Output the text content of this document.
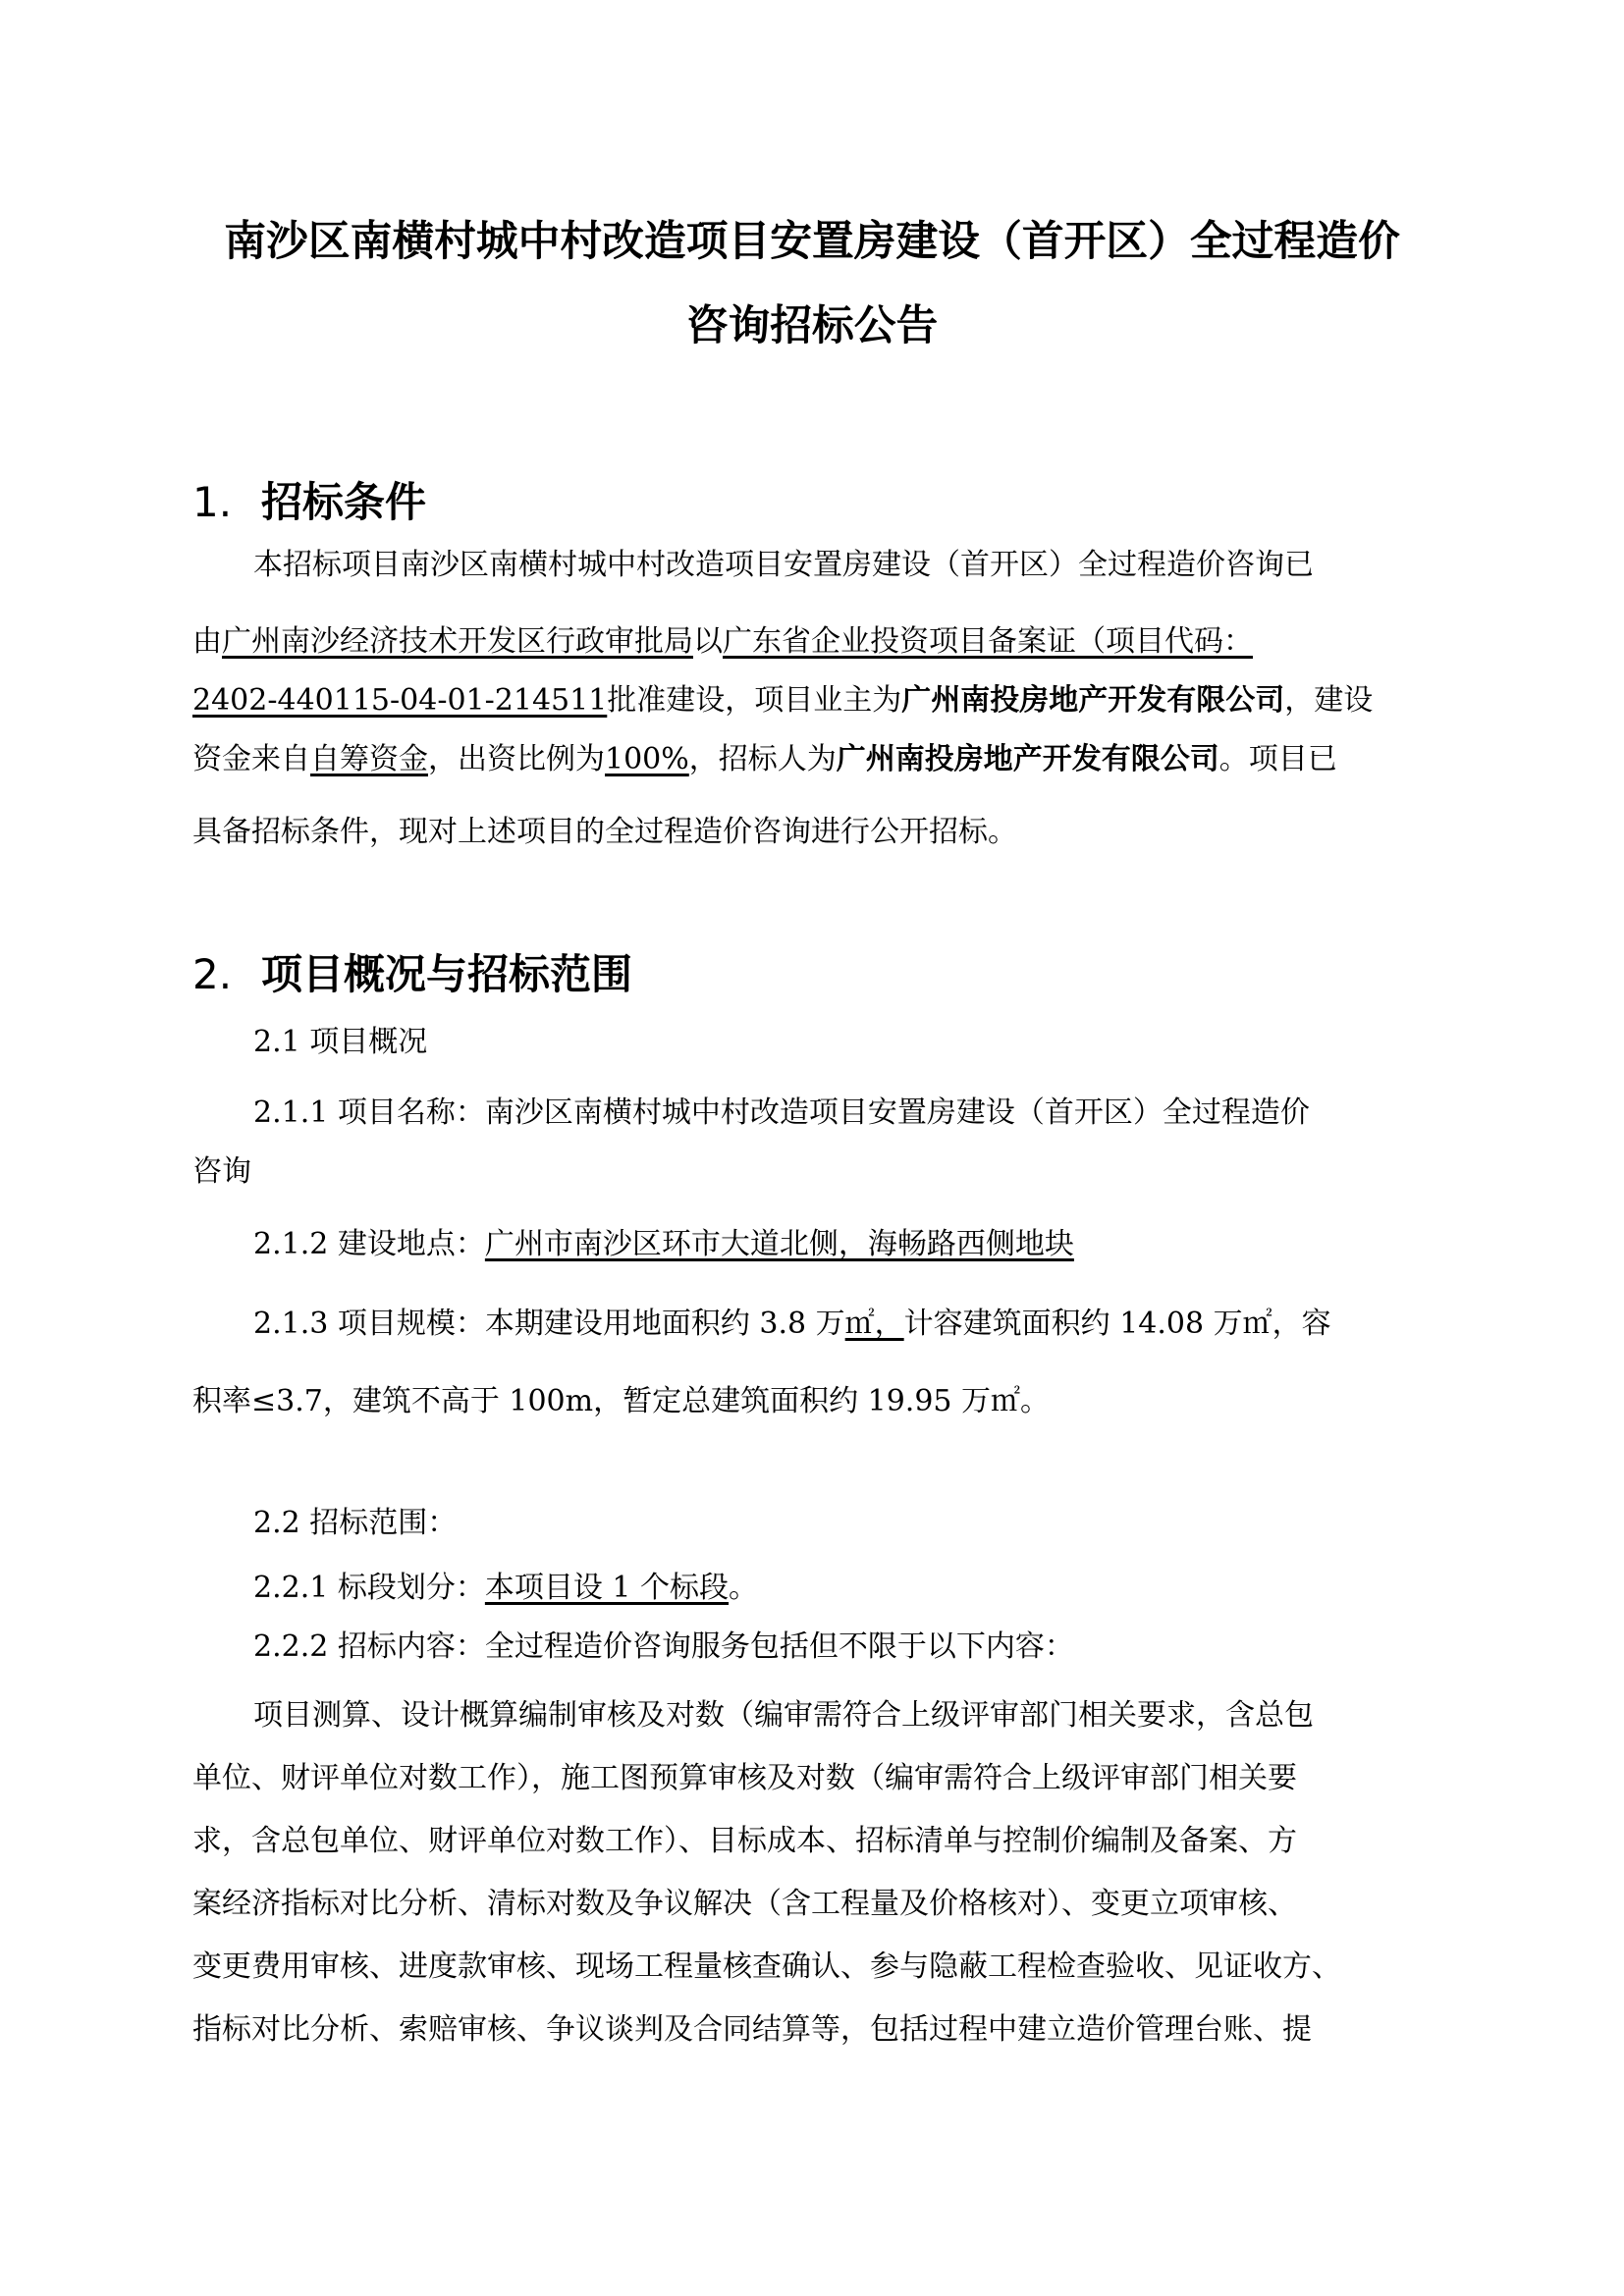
南沙区南横村城中村改造项目安置房建设（首开区）全过程造价
咨询招标公告
1. 招标条件
本招标项目南沙区南横村城中村改造项目安置房建设（首开区）全过程造价咨询已
由广州南沙经济技术开发区行政审批局以广东省企业投资项目备案证（项目代码：
2402-440115-04-01-214511批准建设，项目业主为广州南投房地产开发有限公司，建设
资金来自自筹资金，出资比例为100%，招标人为广州南投房地产开发有限公司。项目已
具备招标条件，现对上述项目的全过程造价咨询进行公开招标。
2. 项目概况与招标范围
2.1 项目概况
2.1.1 项目名称：南沙区南横村城中村改造项目安置房建设（首开区）全过程造价
咨询
2.1.2 建设地点：广州市南沙区环市大道北侧，海畅路西侧地块
2.1.3 项目规模：本期建设用地面积约 3.8 万㎡，计容建筑面积约 14.08 万㎡，容
积率≤3.7，建筑不高于 100m，暂定总建筑面积约 19.95 万㎡。
2.2 招标范围：
2.2.1 标段划分：本项目设 1 个标段。
2.2.2 招标内容：全过程造价咨询服务包括但不限于以下内容：
项目测算、设计概算编制审核及对数（编审需符合上级评审部门相关要求，含总包
单位、财评单位对数工作），施工图预算审核及对数（编审需符合上级评审部门相关要
求，含总包单位、财评单位对数工作）、目标成本、招标清单与控制价编制及备案、方
案经济指标对比分析、清标对数及争议解决（含工程量及价格核对）、变更立项审核、
变更费用审核、进度款审核、现场工程量核查确认、参与隐蔽工程检查验收、见证收方、
指标对比分析、索赔审核、争议谈判及合同结算等，包括过程中建立造价管理台账、提
